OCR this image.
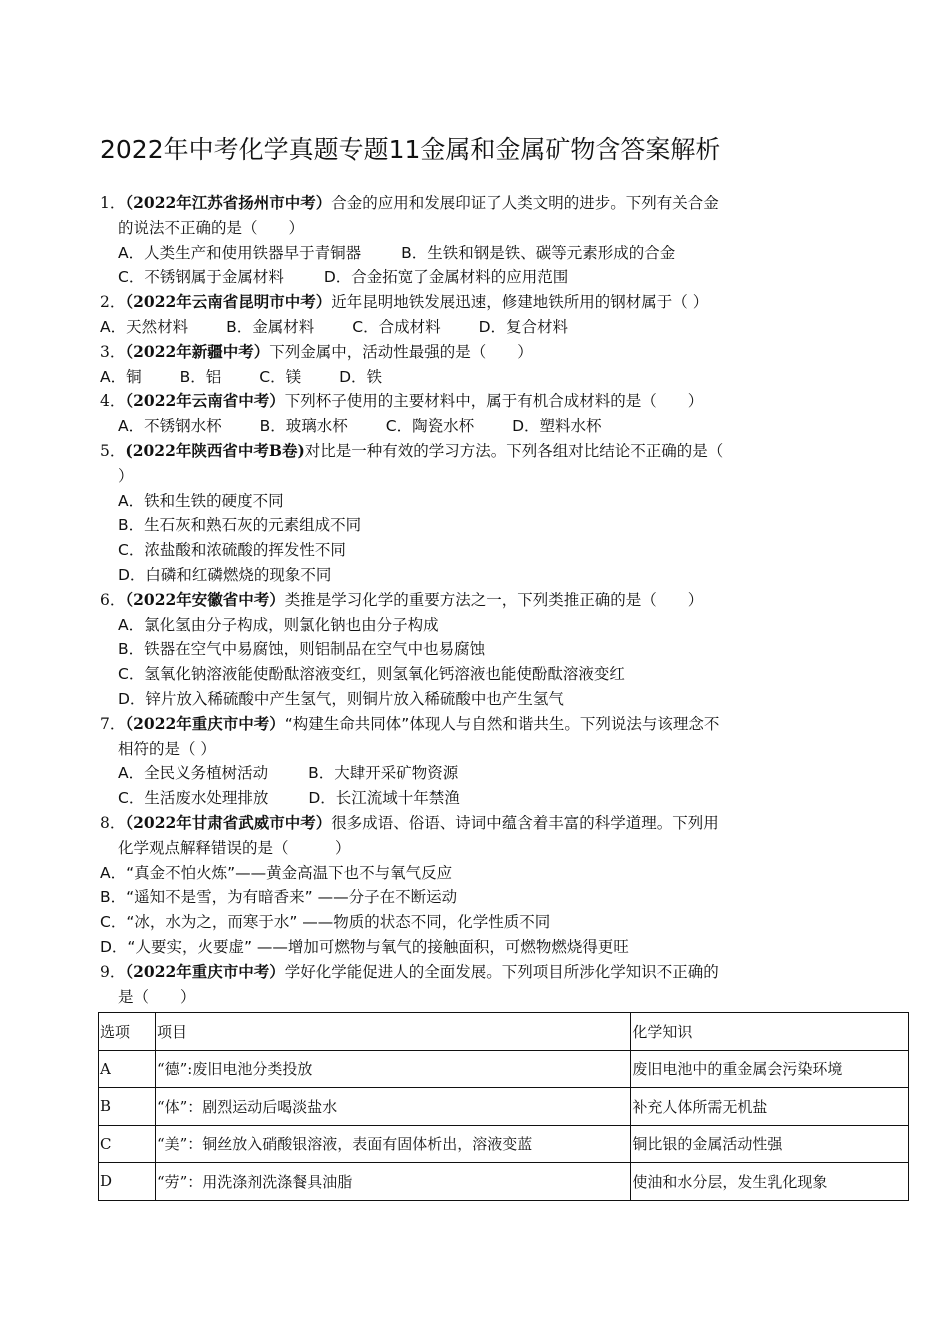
2022年中考化学真题专题11金属和金属矿物含答案解析
1．（2022年江苏省扬州市中考）合金的应用和发展印证了人类文明的进步。下列有关合金
的说法不正确的是（　　）
A．人类生产和使用铁器早于青铜器	B．生铁和钢是铁、碳等元素形成的合金
C．不锈钢属于金属材料	D．合金拓宽了金属材料的应用范围
2．（2022年云南省昆明市中考）近年昆明地铁发展迅速，修建地铁所用的钢材属于（ ）
A．天然材料 B．金属材料 C．合成材料 D．复合材料
3．（2022年新疆中考）下列金属中，活动性最强的是（　　）
A．铜 B．铝 C．镁 D．铁
4．（2022年云南省中考）下列杯子使用的主要材料中，属于有机合成材料的是（　　）
A．不锈钢水杯 B．玻璃水杯 C．陶瓷水杯 D．塑料水杯
5．(2022年陕西省中考B卷)对比是一种有效的学习方法。下列各组对比结论不正确的是（
）
A．铁和生铁的硬度不同
B．生石灰和熟石灰的元素组成不同
C．浓盐酸和浓硫酸的挥发性不同
D．白磷和红磷燃烧的现象不同
6．（2022年安徽省中考）类推是学习化学的重要方法之一，下列类推正确的是（　　）
A．氯化氢由分子构成，则氯化钠也由分子构成
B．铁器在空气中易腐蚀，则铝制品在空气中也易腐蚀
C．氢氧化钠溶液能使酚酞溶液变红，则氢氧化钙溶液也能使酚酞溶液变红
D．锌片放入稀硫酸中产生氢气，则铜片放入稀硫酸中也产生氢气
7．（2022年重庆市中考）“构建生命共同体”体现人与自然和谐共生。下列说法与该理念不
相符的是（ ）
A．全民义务植树活动	B．大肆开采矿物资源
C．生活废水处理排放	D．长江流域十年禁渔
8．（2022年甘肃省武威市中考）很多成语、俗语、诗词中蕴含着丰富的科学道理。下列用
化学观点解释错误的是（　　　）
A．“真金不怕火炼”——黄金高温下也不与氧气反应
B．“遥知不是雪，为有暗香来” ——分子在不断运动
C．“冰，水为之，而寒于水” ——物质的状态不同，化学性质不同
D．“人要实，火要虚” ——增加可燃物与氧气的接触面积，可燃物燃烧得更旺
9．（2022年重庆市中考）学好化学能促进人的全面发展。下列项目所涉化学知识不正确的
是（　　）
选项	项目	化学知识
A	“德”:废旧电池分类投放	废旧电池中的重金属会污染环境
B	“体”：剧烈运动后喝淡盐水	补充人体所需无机盐
C	“美”：铜丝放入硝酸银溶液，表面有固体析出，溶液变蓝	铜比银的金属活动性强
D	“劳”：用洗涤剂洗涤餐具油脂	使油和水分层，发生乳化现象
